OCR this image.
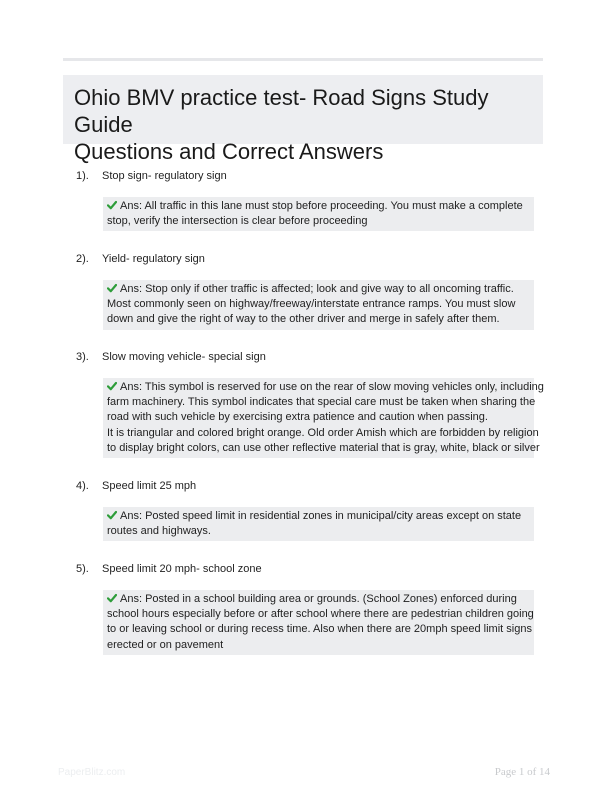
Ohio BMV practice test- Road Signs Study Guide
Questions and Correct Answers
1). Stop sign- regulatory sign
Ans: All traffic in this lane must stop before proceeding. You must make a complete
stop, verify the intersection is clear before proceeding
2). Yield- regulatory sign
Ans: Stop only if other traffic is affected; look and give way to all oncoming traffic.
Most commonly seen on highway/freeway/interstate entrance ramps. You must slow
down and give the right of way to the other driver and merge in safely after them.
3). Slow moving vehicle- special sign
Ans: This symbol is reserved for use on the rear of slow moving vehicles only, including
farm machinery. This symbol indicates that special care must be taken when sharing the
road with such vehicle by exercising extra patience and caution when passing.
It is triangular and colored bright orange. Old order Amish which are forbidden by religion
to display bright colors, can use other reflective material that is gray, white, black or silver
4). Speed limit 25 mph
Ans: Posted speed limit in residential zones in municipal/city areas except on state
routes and highways.
5). Speed limit 20 mph- school zone
Ans: Posted in a school building area or grounds. (School Zones) enforced during
school hours especially before or after school where there are pedestrian children going
to or leaving school or during recess time. Also when there are 20mph speed limit signs
erected or on pavement
PaperBlitz.com	Page 1 of 14
